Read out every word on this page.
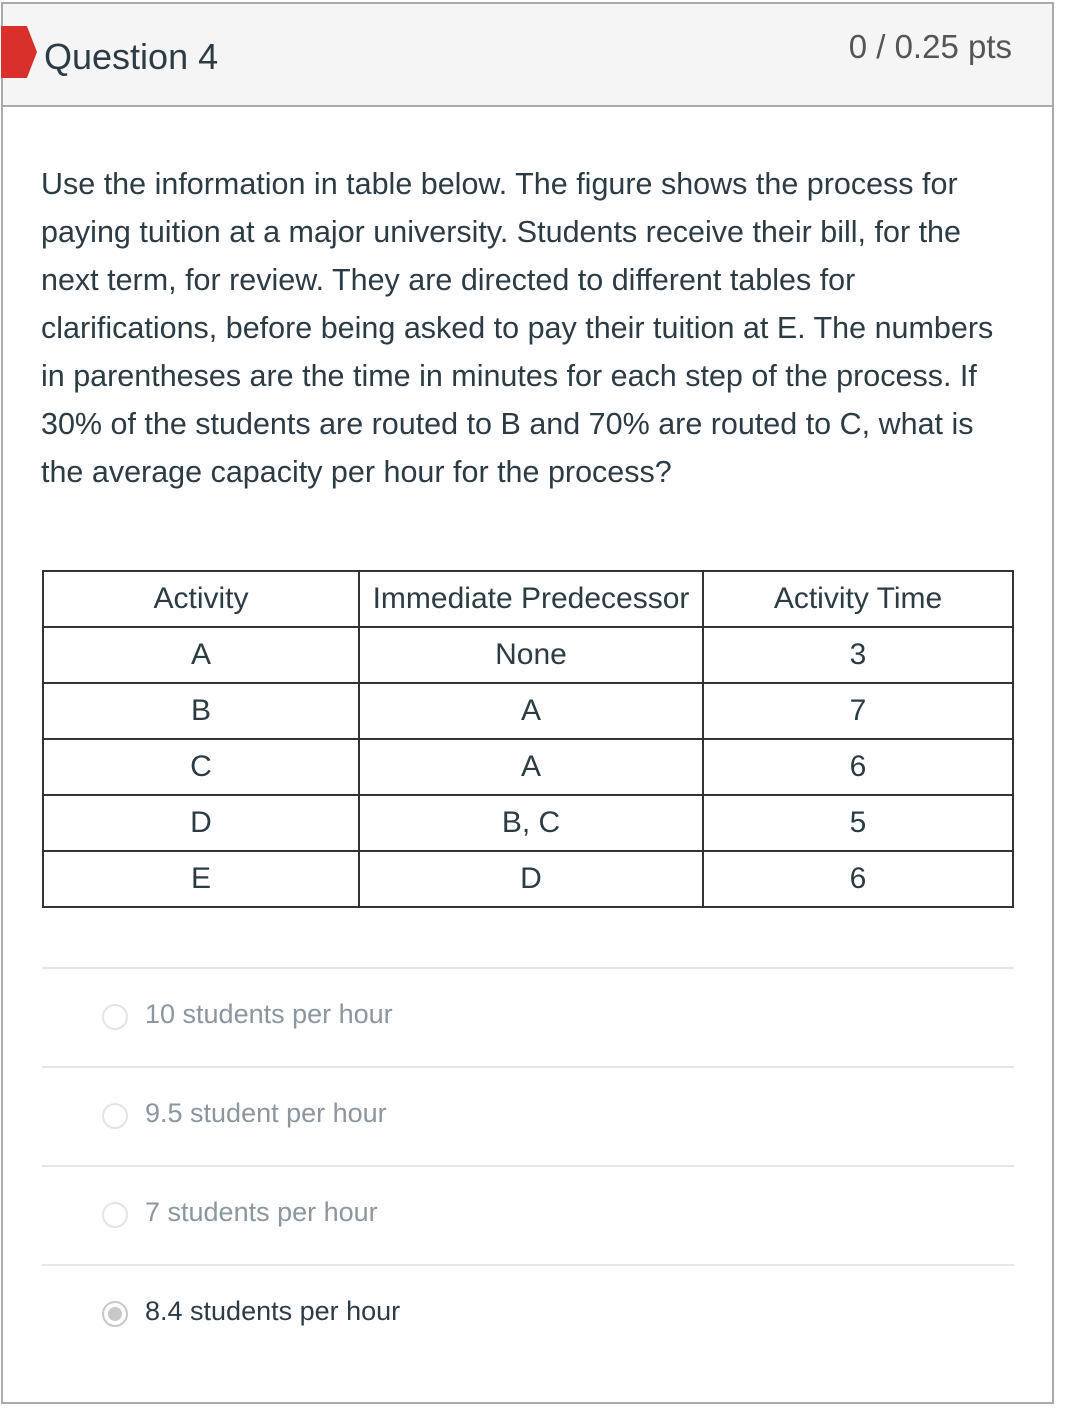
Question 4	0 / 0.25 pts
Use the information in table below. The figure shows the process for paying tuition at a major university. Students receive their bill, for the next term, for review. They are directed to different tables for clarifications, before being asked to pay their tuition at E. The numbers in parentheses are the time in minutes for each step of the process. If 30% of the students are routed to B and 70% are routed to C, what is the average capacity per hour for the process?
Activity	Immediate Predecessor	Activity Time
A	None	3
B	A	7
C	A	6
D	B, C	5
E	D	6
10 students per hour
9.5 student per hour
7 students per hour
8.4 students per hour
